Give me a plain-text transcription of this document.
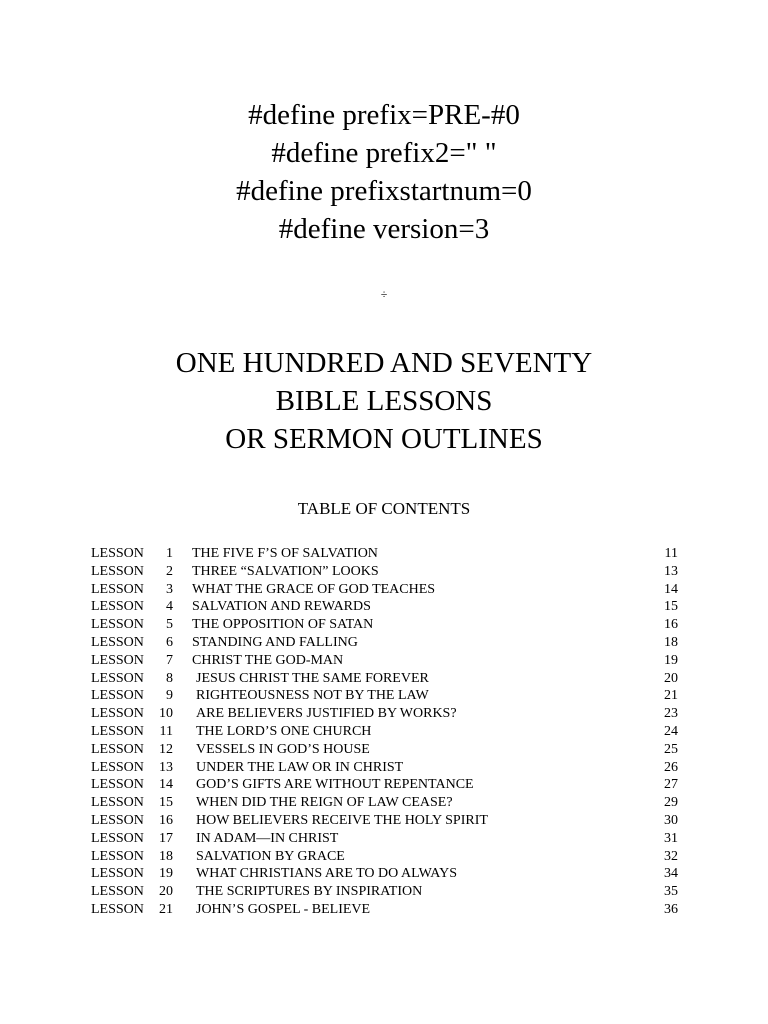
#define prefix=PRE-#0
#define prefix2=" "
#define prefixstartnum=0
#define version=3
÷
ONE HUNDRED AND SEVENTY
BIBLE LESSONS
OR SERMON OUTLINES
TABLE OF CONTENTS
LESSON	1 THE FIVE F’S OF SALVATION	11
LESSON	2 THREE “SALVATION” LOOKS	13
LESSON	3 WHAT THE GRACE OF GOD TEACHES	14
LESSON	4 SALVATION AND REWARDS	15
LESSON	5 THE OPPOSITION OF SATAN	16
LESSON	6 STANDING AND FALLING	18
LESSON	7 CHRIST THE GOD-MAN	19
LESSON	8 JESUS CHRIST THE SAME FOREVER	20
LESSON	9 RIGHTEOUSNESS NOT BY THE LAW	21
LESSON	10 ARE BELIEVERS JUSTIFIED BY WORKS?	23
LESSON	11 THE LORD’S ONE CHURCH	24
LESSON	12 VESSELS IN GOD’S HOUSE	25
LESSON	13 UNDER THE LAW OR IN CHRIST	26
LESSON	14 GOD’S GIFTS ARE WITHOUT REPENTANCE	27
LESSON	15 WHEN DID THE REIGN OF LAW CEASE?	29
LESSON	16 HOW BELIEVERS RECEIVE THE HOLY SPIRIT	30
LESSON	17 IN ADAM—IN CHRIST	31
LESSON	18 SALVATION BY GRACE	32
LESSON	19 WHAT CHRISTIANS ARE TO DO ALWAYS	34
LESSON	20 THE SCRIPTURES BY INSPIRATION	35
LESSON	21 JOHN’S GOSPEL - BELIEVE	36
